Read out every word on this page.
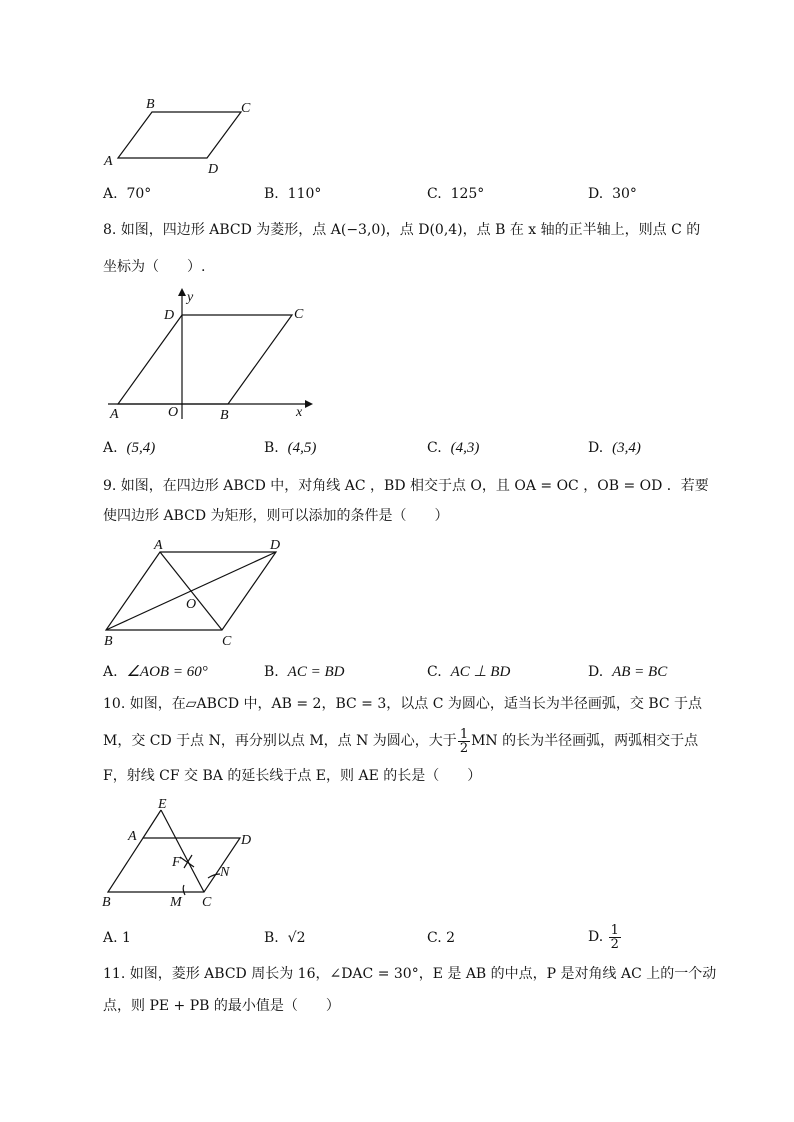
B	C
A
D
A. 70°	B. 110°	C. 125°	D. 30°
8. 如图，四边形 ABCD 为菱形，点 A(−3,0)，点 D(0,4)，点 B 在 x 轴的正半轴上，则点 C 的
坐标为（　　）.
y
D	C
A	O	B	x
A. (5,4)	B. (4,5)	C. (4,3)	D. (3,4)
9. 如图，在四边形 ABCD 中，对角线 AC ，BD 相交于点 O，且 OA = OC ，OB = OD ．若要
使四边形 ABCD 为矩形，则可以添加的条件是（　　）
A	D
O
B	C
A. ∠AOB = 60°	B. AC = BD	C. AC ⊥ BD	D. AB = BC
10. 如图，在▱ABCD 中，AB = 2，BC = 3，以点 C 为圆心，适当长为半径画弧，交 BC 于点
M，交 CD 于点 N，再分别以点 M，点 N 为圆心，大于 $\frac{1}{2}$ MN 的长为半径画弧，两弧相交于点
F，射线 CF 交 BA 的延长线于点 E，则 AE 的长是（　　）
E
A	D
F
N
B	M C
A. 1	B. √2	C. 2	D. $\frac{1}{2}$
11. 如图，菱形 ABCD 周长为 16，∠DAC = 30°，E 是 AB 的中点，P 是对角线 AC 上的一个动
点，则 PE + PB 的最小值是（　　）
